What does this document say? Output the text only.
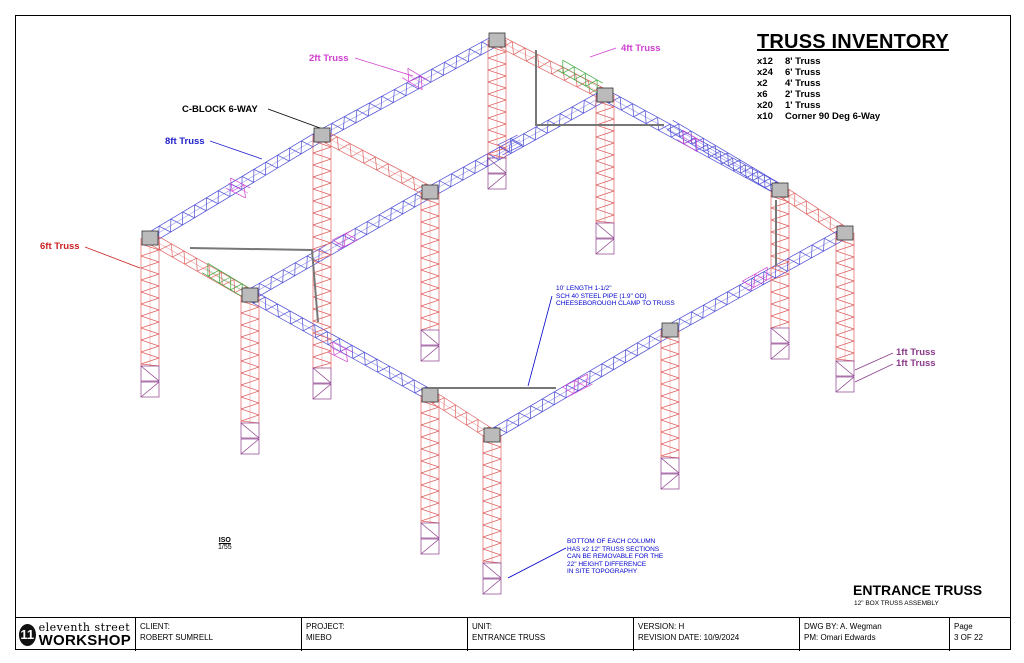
2ft Truss
4ft Truss
C-BLOCK 6-WAY
8ft Truss
6ft Truss
1ft Truss
1ft Truss
TRUSS INVENTORY
x12 8' Truss
x24 6' Truss
x2 4' Truss
x6 2' Truss
x20 1' Truss
x10 Corner 90 Deg 6-Way
10' LENGTH 1-1/2"
SCH 40 STEEL PIPE (1.9" OD)
CHEESEBOROUGH CLAMP TO TRUSS
BOTTOM OF EACH COLUMN
HAS x2 12" TRUSS SECTIONS
CAN BE REMOVABLE FOR THE
22" HEIGHT DIFFERENCE
IN SITE TOPOGRAPHY
ISO
1/55
ENTRANCE TRUSS
12" BOX TRUSS ASSEMBLY
11 eleventh street
WORKSHOP
CLIENT:
ROBERT SUMRELL
PROJECT:
MIEBO
UNIT:
ENTRANCE TRUSS
VERSION: H
REVISION DATE: 10/9/2024
DWG BY: A. Wegman
PM: Omari Edwards
Page
3 OF 22
